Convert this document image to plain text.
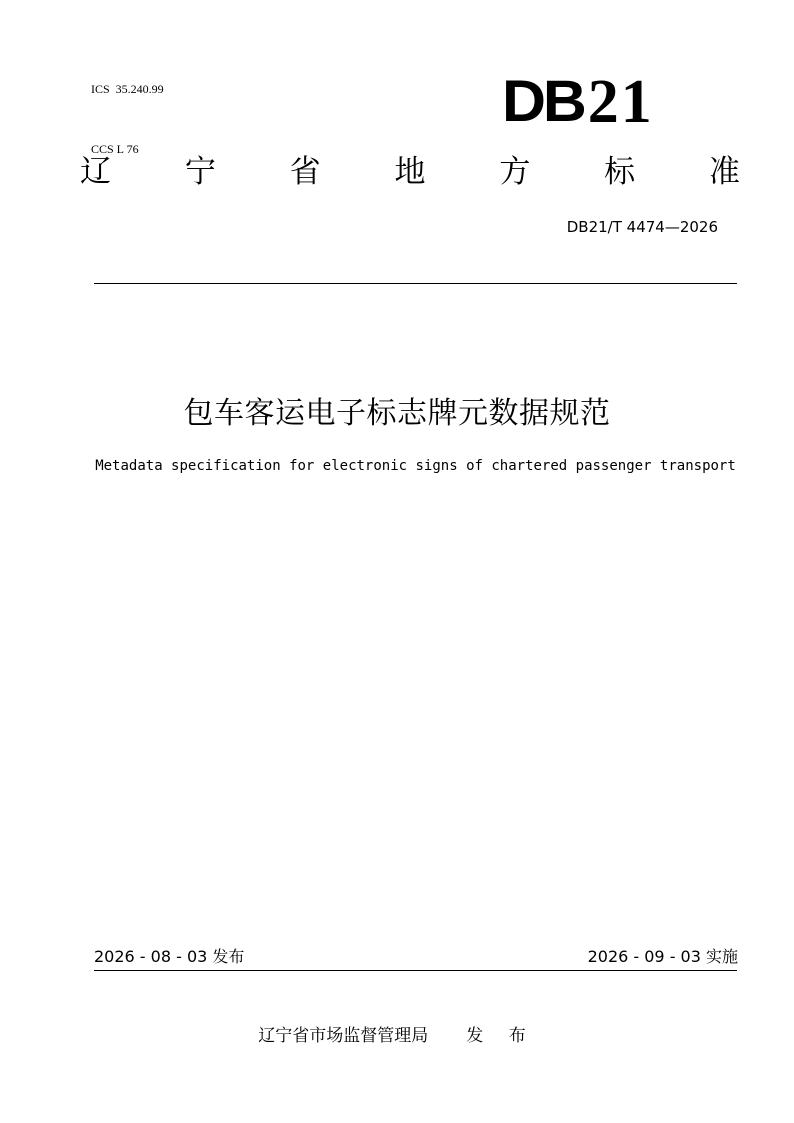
ICS  35.240.99

CCS L 76

DB 21
辽 宁 省 地 方 标 准
DB21/T 4474—2026
包车客运电子标志牌元数据规范
Metadata specification for electronic signs of chartered passenger transport
2026 - 08 - 03 发布	2026 - 09 - 03 实施
辽宁省市场监督管理局 发 布
